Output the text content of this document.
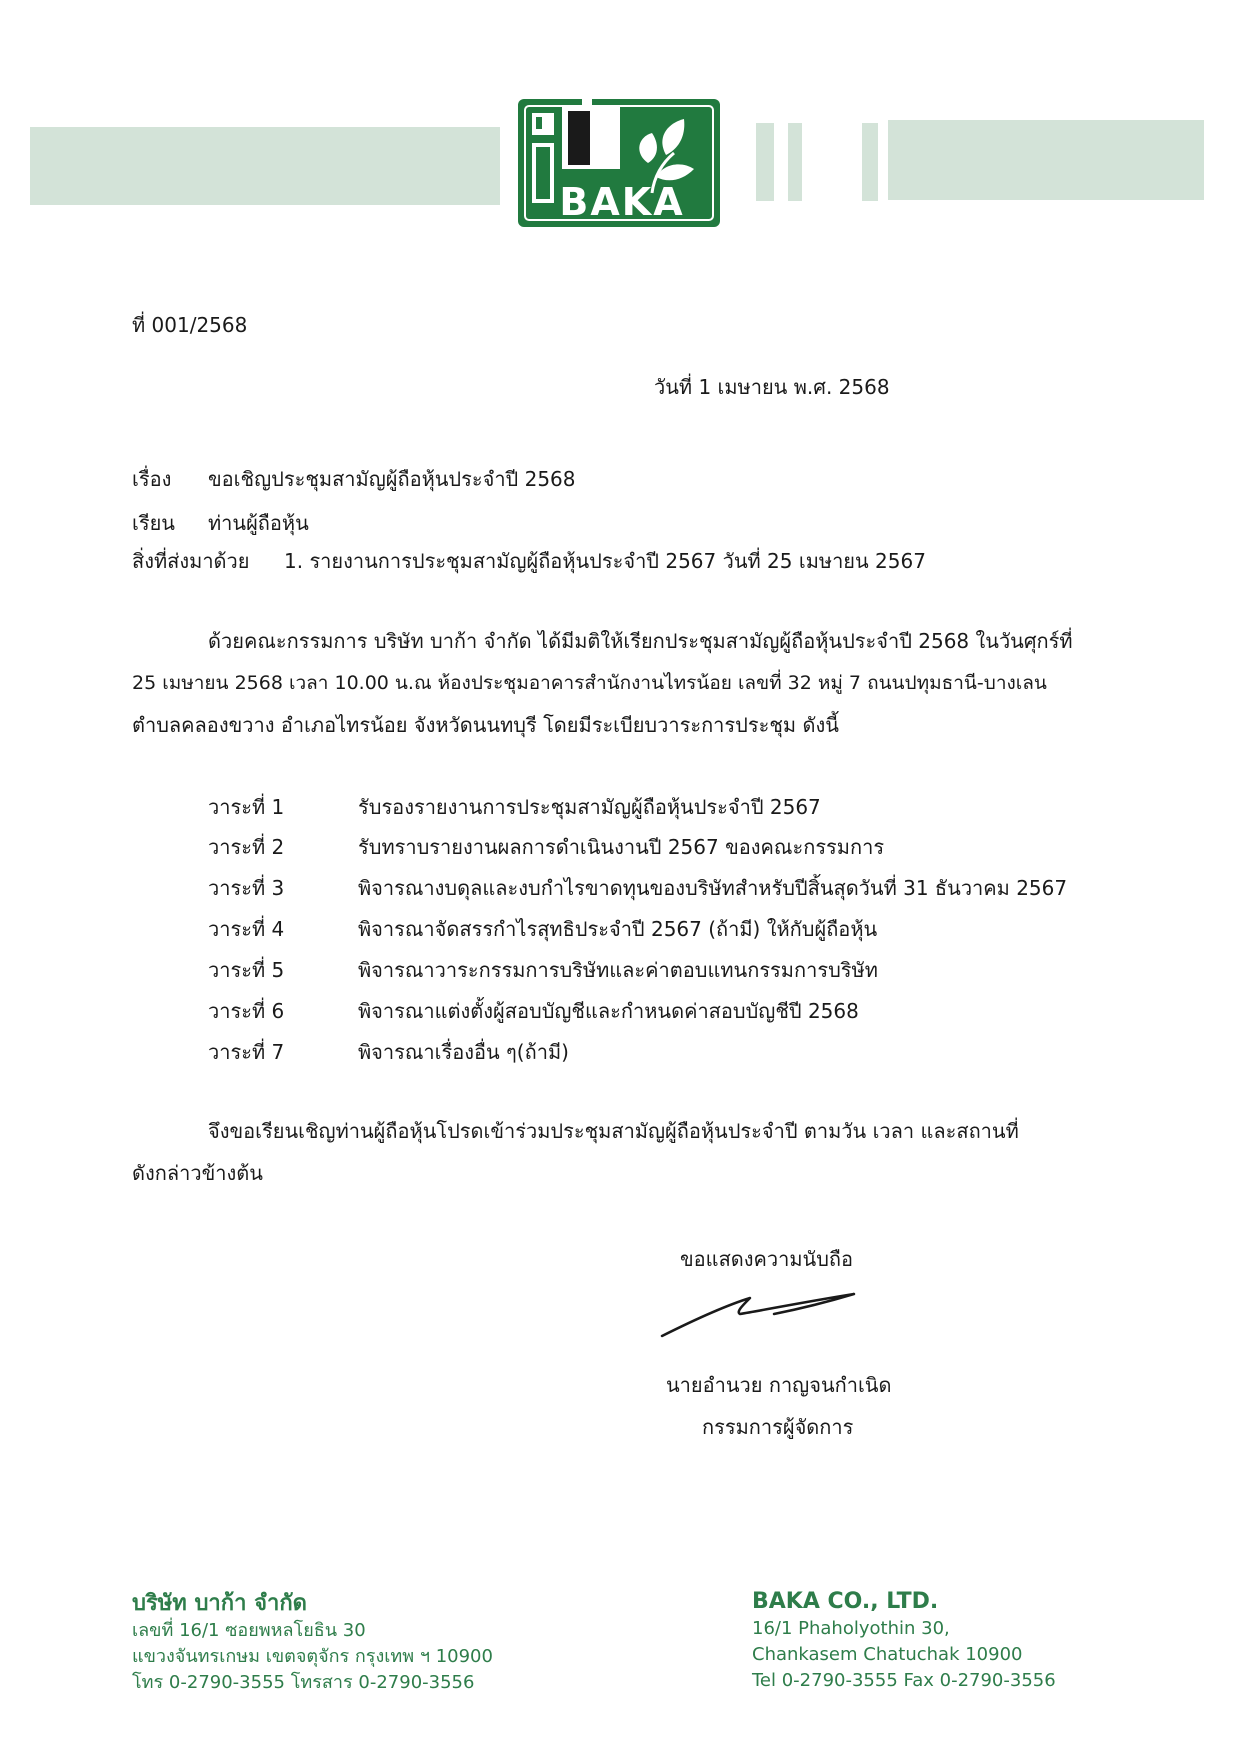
BAKA
ที่ 001/2568
วันที่ 1 เมษายน พ.ศ. 2568
เรื่อง ขอเชิญประชุมสามัญผู้ถือหุ้นประจำปี 2568
เรียน ท่านผู้ถือหุ้น
สิ่งที่ส่งมาด้วย 1. รายงานการประชุมสามัญผู้ถือหุ้นประจำปี 2567 วันที่ 25 เมษายน 2567
ด้วยคณะกรรมการ บริษัท บาก้า จำกัด ได้มีมติให้เรียกประชุมสามัญผู้ถือหุ้นประจำปี 2568 ในวันศุกร์ที่
25 เมษายน 2568 เวลา 10.00 น.ณ ห้องประชุมอาคารสำนักงานไทรน้อย เลขที่ 32 หมู่ 7 ถนนปทุมธานี-บางเลน
ตำบลคลองขวาง อำเภอไทรน้อย จังหวัดนนทบุรี โดยมีระเบียบวาระการประชุม ดังนี้
วาระที่ 1	รับรองรายงานการประชุมสามัญผู้ถือหุ้นประจำปี 2567
วาระที่ 2	รับทราบรายงานผลการดำเนินงานปี 2567 ของคณะกรรมการ
วาระที่ 3	พิจารณางบดุลและงบกำไรขาดทุนของบริษัทสำหรับปีสิ้นสุดวันที่ 31 ธันวาคม 2567
วาระที่ 4	พิจารณาจัดสรรกำไรสุทธิประจำปี 2567 (ถ้ามี) ให้กับผู้ถือหุ้น
วาระที่ 5	พิจารณาวาระกรรมการบริษัทและค่าตอบแทนกรรมการบริษัท
วาระที่ 6	พิจารณาแต่งตั้งผู้สอบบัญชีและกำหนดค่าสอบบัญชีปี 2568
วาระที่ 7	พิจารณาเรื่องอื่น ๆ(ถ้ามี)
จึงขอเรียนเชิญท่านผู้ถือหุ้นโปรดเข้าร่วมประชุมสามัญผู้ถือหุ้นประจำปี ตามวัน เวลา และสถานที่
ดังกล่าวข้างต้น
ขอแสดงความนับถือ
นายอำนวย กาญจนกำเนิด
กรรมการผู้จัดการ
บริษัท บาก้า จำกัด
เลขที่ 16/1 ซอยพหลโยธิน 30
แขวงจันทรเกษม เขตจตุจักร กรุงเทพ ฯ 10900
โทร 0-2790-3555 โทรสาร 0-2790-3556
BAKA CO., LTD.
16/1 Phaholyothin 30,
Chankasem Chatuchak 10900
Tel 0-2790-3555 Fax 0-2790-3556
